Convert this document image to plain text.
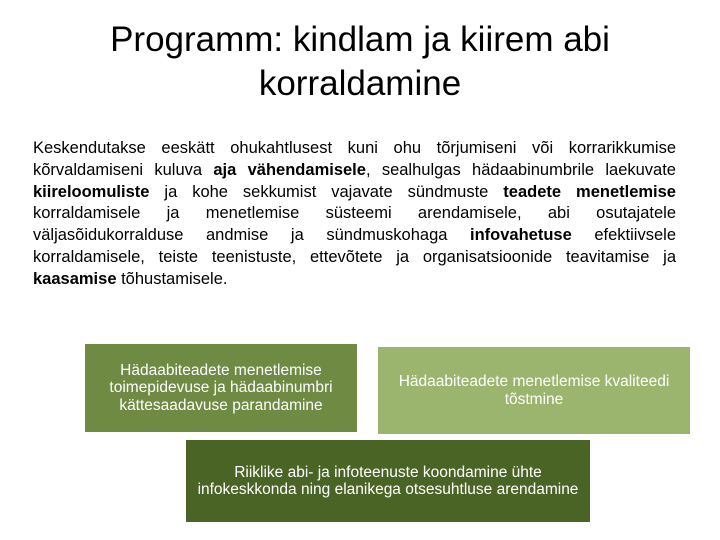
Programm: kindlam ja kiirem abi
korraldamine

Keskendutakse eeskätt ohukahtlusest kuni ohu tõrjumiseni või korrarikkumise kõrvaldamiseni kuluva aja vähendamisele, sealhulgas hädaabinumbrile laekuvate kiireloomuliste ja kohe sekkumist vajavate sündmuste teadete menetlemise korraldamisele ja menetlemise süsteemi arendamisele, abi osutajatele väljasõidukorralduse andmise ja sündmuskohaga infovahetuse efektiivsele korraldamisele, teiste teenistuste, ettevõtete ja organisatsioonide teavitamise ja kaasamise tõhustamisele.

Hädaabiteadete menetlemise toimepidevuse ja hädaabinumbri kättesaadavuse parandamine
Hädaabiteadete menetlemise kvaliteedi tõstmine
Riiklike abi- ja infoteenuste koondamine ühte infokeskkonda ning elanikega otsesuhtluse arendamine
